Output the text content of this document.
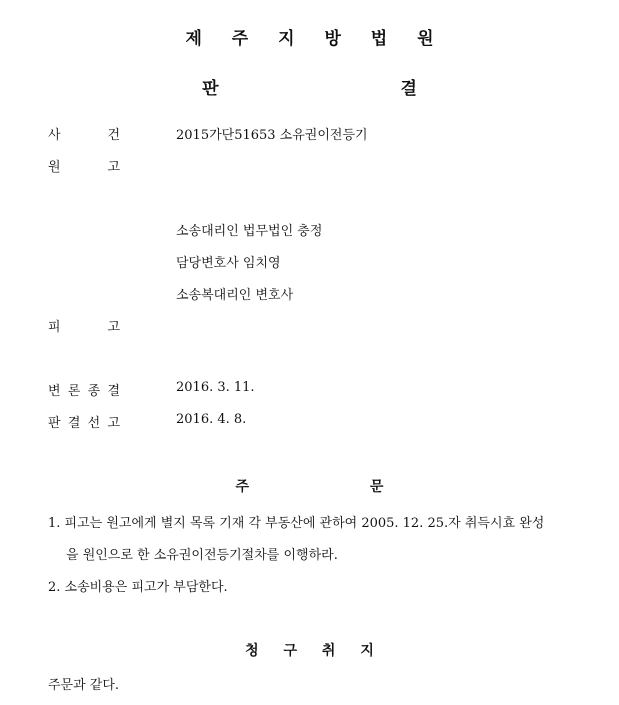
제 주 지 방 법 원
판 결
사	건	2015가단51653 소유권이전등기
원	고
소송대리인 법무법인 충정
담당변호사 임치영
소송복대리인 변호사
피	고
변 론 종 결	2016. 3. 11.
판 결 선 고	2016. 4. 8.
주 문
1. 피고는 원고에게 별지 목록 기재 각 부동산에 관하여 2005. 12. 25.자 취득시효 완성
을 원인으로 한 소유권이전등기절차를 이행하라.
2. 소송비용은 피고가 부담한다.
청 구 취 지
주문과 같다.
